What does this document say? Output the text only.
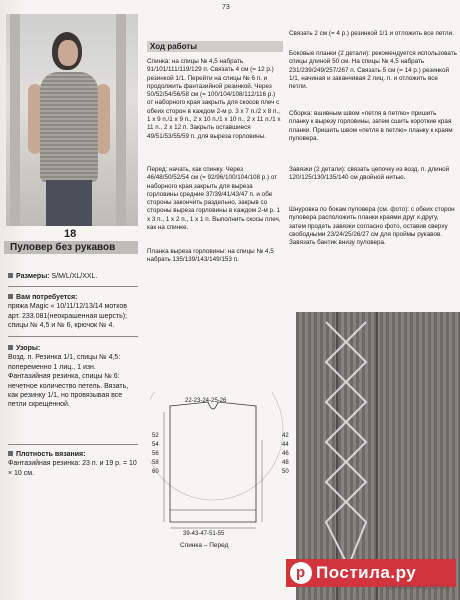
73
18
Пуловер без рукавов
Размеры: S/M/L/XL/XXL.
Вам потребуется:
пряжа Magic « 10/11/12/13/14 мотков арт. 233.081(неокрашенная шерсть); спицы № 4,5 и № 6, крючок № 4.
Узоры:
Возд. п. Резинка 1/1, спицы № 4,5: попеременно 1 лиц., 1 изн. Фантазийная резинка, спицы № 6: нечетное количество петель. Вязать, как резинку 1/1, но провязывая все петли скрещенной.
Плотность вязания:
Фантазийная резинка: 23 п. и 19 р. = 10 × 10 см.
Ход работы
Спинка: на спицы № 4,5 набрать 91/101/111/119/129 п. Связать 4 см (= 12 р.) резинкой 1/1. Перейти на спицы № 6 п. и продолжить фантазийной резинкой. Через 50/52/54/56/58 см (= 100/104/108/112/116 р.) от наборного края закрыть для скосов плеч с обеих сторон в каждом 2-м р. 3 х 7 п./2 х 8 п., 1 х 9 п./1 х 9 п., 2 х 10 п./1 х 10 п., 2 х 11 п./1 х 11 п., 2 х 12 п. Закрыть оставшиеся 49/51/53/55/59 п. для выреза горловины.
Перед: начать, как спинку. Через 46/48/50/52/54 см (= 92/96/100/104/108 р.) от наборного края закрыть для выреза горловины средние 37/39/41/43/47 п. и обе стороны закончить раздельно, закрыв со стороны выреза горловины в каждом 2-м р. 1 х 3 п., 1 х 2 п., 1 х 1 п. Выполнить скосы плеч, как на спинке.
Планка выреза горловины: на спицы № 4,5 набрать 135/139/143/149/153 п.
22-23-24-25-26
52 54 56 58 60
42 44 46 48 50
39-43-47-51-55
Спинка – Перед
Связать 2 см (= 4 р.) резинкой 1/1 и отложить все петли.
Боковые планки (2 детали): рекомендуется использовать спицы длиной 50 см. На спицы № 4,5 набрать 231/239/249/257/267 п. Связать 5 см (= 14 р.) резинкой 1/1, начиная и заканчивая 2 лиц. п. и отложить все петли.
Сборка: вшивным швом «петля в петлю» пришить планку к вырезу горловины, затем сшить короткие края планки. Пришить швом «петля в петлю» планку к краям пуловера.
Завязки (2 детали): связать цепочку из возд. п. длиной 120/125/130/135/140 см двойной нитью.
Шнуровка по бокам пуловера (см. фото): с обеих сторон пуловера расположить планки краями друг к другу, затем продеть завязки согласно фото, оставив сверху свободными 23/24/25/26/27 см для проймы рукавов. Завязать бантик внизу пуловера.
p Постила.ру
tl@mix2010.blog.163.com
